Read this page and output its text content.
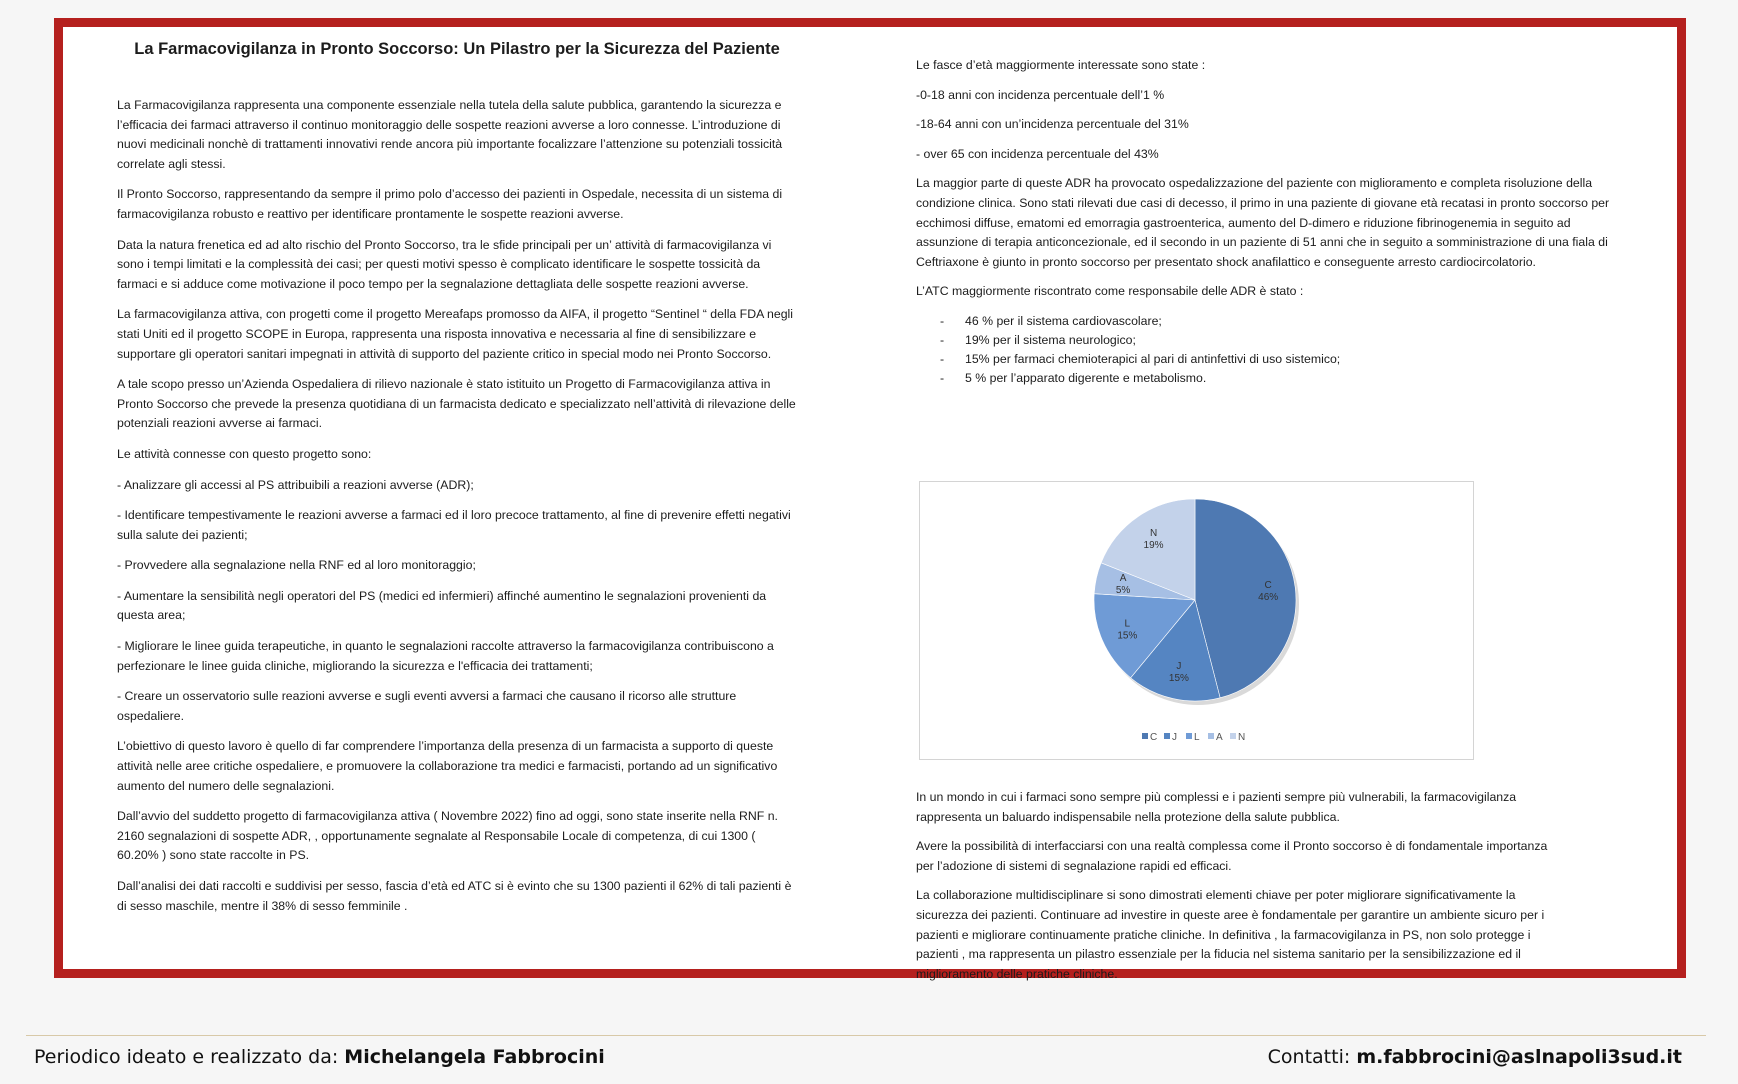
La Farmacovigilanza in Pronto Soccorso: Un Pilastro per la Sicurezza del Paziente

La Farmacovigilanza rappresenta una componente essenziale nella tutela della salute pubblica, garantendo la sicurezza e l’efficacia dei farmaci attraverso il continuo monitoraggio delle sospette reazioni avverse a loro connesse. L’introduzione di nuovi medicinali nonchè di trattamenti innovativi rende ancora più importante focalizzare l’attenzione su potenziali tossicità correlate agli stessi.

Il Pronto Soccorso, rappresentando da sempre il primo polo d’accesso dei pazienti in Ospedale, necessita di un sistema di farmacovigilanza robusto e reattivo per identificare prontamente le sospette reazioni avverse.

Data la natura frenetica ed ad alto rischio del Pronto Soccorso, tra le sfide principali per un’ attività di farmacovigilanza vi sono i tempi limitati e la complessità dei casi; per questi motivi spesso è complicato identificare le sospette tossicità da farmaci e si adduce come motivazione il poco tempo per la segnalazione dettagliata delle sospette reazioni avverse.

La farmacovigilanza attiva, con progetti come il progetto Mereafaps promosso da AIFA, il progetto “Sentinel “ della FDA negli stati Uniti ed il progetto SCOPE in Europa, rappresenta una risposta innovativa e necessaria al fine di sensibilizzare e supportare gli operatori sanitari impegnati in attività di supporto del paziente critico in special modo nei Pronto Soccorso.

A tale scopo presso un’Azienda Ospedaliera di rilievo nazionale è stato istituito un Progetto di Farmacovigilanza attiva in Pronto Soccorso che prevede la presenza quotidiana di un farmacista dedicato e specializzato nell’attività di rilevazione delle potenziali reazioni avverse ai farmaci.

Le attività connesse con questo progetto sono:

- Analizzare gli accessi al PS attribuibili a reazioni avverse (ADR);

- Identificare tempestivamente le reazioni avverse a farmaci ed il loro precoce trattamento, al fine di prevenire effetti negativi sulla salute dei pazienti;

- Provvedere alla segnalazione nella RNF ed al loro monitoraggio;

- Aumentare la sensibilità negli operatori del PS (medici ed infermieri) affinché aumentino le segnalazioni provenienti da questa area;

- Migliorare le linee guida terapeutiche, in quanto le segnalazioni raccolte attraverso la farmacovigilanza contribuiscono a perfezionare le linee guida cliniche, migliorando la sicurezza e l'efficacia dei trattamenti;

- Creare un osservatorio sulle reazioni avverse e sugli eventi avversi a farmaci che causano il ricorso alle strutture ospedaliere.

L’obiettivo di questo lavoro è quello di far comprendere l’importanza della presenza di un farmacista a supporto di queste attività nelle aree critiche ospedaliere, e promuovere la collaborazione tra medici e farmacisti, portando ad un significativo aumento del numero delle segnalazioni.

Dall’avvio del suddetto progetto di farmacovigilanza attiva ( Novembre 2022) fino ad oggi, sono state inserite nella RNF n. 2160 segnalazioni di sospette ADR, , opportunamente segnalate al Responsabile Locale di competenza, di cui 1300 ( 60.20% ) sono state raccolte in PS.

Dall’analisi dei dati raccolti e suddivisi per sesso, fascia d’età ed ATC si è evinto che su 1300 pazienti il 62% di tali pazienti è di sesso maschile, mentre il 38% di sesso femminile .

Le fasce d’età maggiormente interessate sono state :

-0-18 anni con incidenza percentuale dell’1 %

-18-64 anni con un’incidenza percentuale del 31%

- over 65 con incidenza percentuale del 43%

La maggior parte di queste ADR ha provocato ospedalizzazione del paziente con miglioramento e completa risoluzione della condizione clinica. Sono stati rilevati due casi di decesso, il primo in una paziente di giovane età recatasi in pronto soccorso per ecchimosi diffuse, ematomi ed emorragia gastroenterica, aumento del D-dimero e riduzione fibrinogenemia in seguito ad assunzione di terapia anticoncezionale, ed il secondo in un paziente di 51 anni che in seguito a somministrazione di una fiala di Ceftriaxone è giunto in pronto soccorso per presentato shock anafilattico e conseguente arresto cardiocircolatorio.

L’ATC maggiormente riscontrato come responsabile delle ADR è stato :

- 46 % per il sistema cardiovascolare;
- 19% per il sistema neurologico;
- 15% per farmaci chemioterapici al pari di antinfettivi di uso sistemico;
- 5 % per l’apparato digerente e metabolismo.
C
46%
J
15%
L
15%
A
5%
N
19%
C J L A N

In un mondo in cui i farmaci sono sempre più complessi e i pazienti sempre più vulnerabili, la farmacovigilanza rappresenta un baluardo indispensabile nella protezione della salute pubblica.

Avere la possibilità di interfacciarsi con una realtà complessa come il Pronto soccorso è di fondamentale importanza per l’adozione di sistemi di segnalazione rapidi ed efficaci.

La collaborazione multidisciplinare si sono dimostrati elementi chiave per poter migliorare significativamente la sicurezza dei pazienti. Continuare ad investire in queste aree è fondamentale per garantire un ambiente sicuro per i pazienti e migliorare continuamente pratiche cliniche. In definitiva , la farmacovigilanza in PS, non solo protegge i pazienti , ma rappresenta un pilastro essenziale per la fiducia nel sistema sanitario per la sensibilizzazione ed il miglioramento delle pratiche cliniche.

Periodico ideato e realizzato da: Michelangela Fabbrocini	Contatti: m.fabbrocini@aslnapoli3sud.it
